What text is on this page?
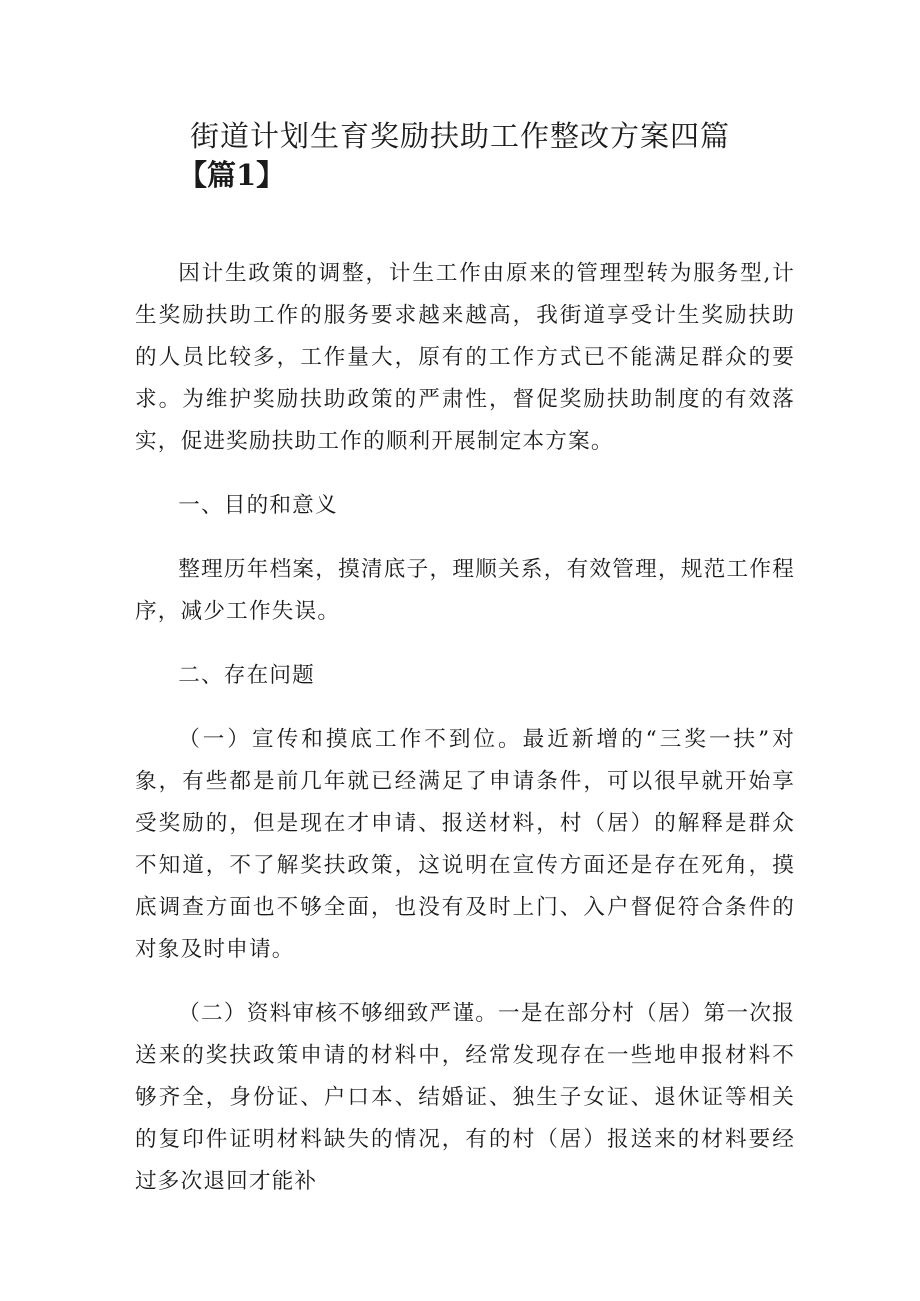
街道计划生育奖励扶助工作整改方案四篇
【篇1】

因计生政策的调整，计生工作由原来的管理型转为服务型,计生奖励扶助工作的服务要求越来越高，我街道享受计生奖励扶助的人员比较多，工作量大，原有的工作方式已不能满足群众的要求。为维护奖励扶助政策的严肃性，督促奖励扶助制度的有效落实，促进奖励扶助工作的顺利开展制定本方案。

一、目的和意义

整理历年档案，摸清底子，理顺关系，有效管理，规范工作程序，减少工作失误。

二、存在问题

（一）宣传和摸底工作不到位。最近新增的“三奖一扶”对象，有些都是前几年就已经满足了申请条件，可以很早就开始享受奖励的，但是现在才申请、报送材料，村（居）的解释是群众不知道，不了解奖扶政策，这说明在宣传方面还是存在死角，摸底调查方面也不够全面，也没有及时上门、入户督促符合条件的对象及时申请。

（二）资料审核不够细致严谨。一是在部分村（居）第一次报送来的奖扶政策申请的材料中，经常发现存在一些地申报材料不够齐全，身份证、户口本、结婚证、独生子女证、退休证等相关的复印件证明材料缺失的情况，有的村（居）报送来的材料要经过多次退回才能补
